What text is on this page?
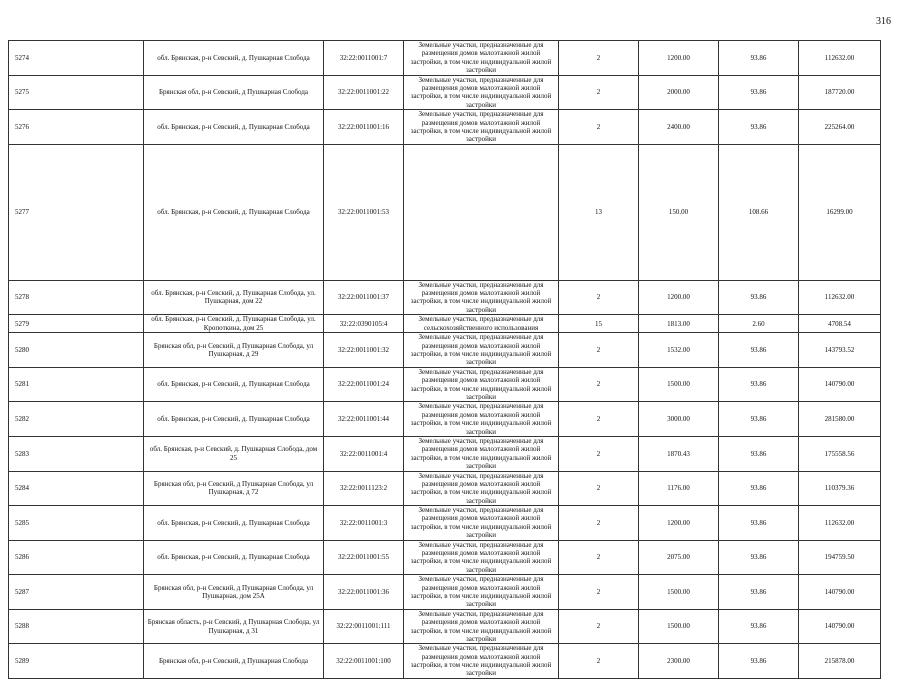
316
5274	обл. Брянская, р-н Севский, д. Пушкарная Слобода	32:22:0011001:7	Земельные участки, предназначенные для размещения домов малоэтажной жилой застройки, в том числе индивидуальной жилой застройки	2	1200.00	93.86	112632.00
5275	Брянская обл, р-н Севский, д Пушкарная Слобода	32:22:0011001:22	Земельные участки, предназначенные для размещения домов малоэтажной жилой застройки, в том числе индивидуальной жилой застройки	2	2000.00	93.86	187720.00
5276	обл. Брянская, р-н Севский, д. Пушкарная Слобода	32:22:0011001:16	Земельные участки, предназначенные для размещения домов малоэтажной жилой застройки, в том числе индивидуальной жилой застройки	2	2400.00	93.86	225264.00
5277	обл. Брянская, р-н Севский, д. Пушкарная Слобода	32:22:0011001:53		13	150.00	108.66	16299.00
5278	обл. Брянская, р-н Севский, д. Пушкарная Слобода, ул. Пушкарная, дом 22	32:22:0011001:37	Земельные участки, предназначенные для размещения домов малоэтажной жилой застройки, в том числе индивидуальной жилой застройки	2	1200.00	93.86	112632.00
5279	обл. Брянская, р-н Севский, д. Пушкарная Слобода, ул. Кропоткина, дом 25	32:22:0390105:4	Земельные участки, предназначенные для сельскохозяйственного использования	15	1813.00	2.60	4708.54
5280	Брянская обл, р-н Севский, д Пушкарная Слобода, ул Пушкарная, д 29	32:22:0011001:32	Земельные участки, предназначенные для размещения домов малоэтажной жилой застройки, в том числе индивидуальной жилой застройки	2	1532.00	93.86	143793.52
5281	обл. Брянская, р-н Севский, д. Пушкарная Слобода	32:22:0011001:24	Земельные участки, предназначенные для размещения домов малоэтажной жилой застройки, в том числе индивидуальной жилой застройки	2	1500.00	93.86	140790.00
5282	обл. Брянская, р-н Севский, д. Пушкарная Слобода	32:22:0011001:44	Земельные участки, предназначенные для размещения домов малоэтажной жилой застройки, в том числе индивидуальной жилой застройки	2	3000.00	93.86	281580.00
5283	обл. Брянская, р-н Севский, д. Пушкарная Слобода, дом 25	32:22:0011001:4	Земельные участки, предназначенные для размещения домов малоэтажной жилой застройки, в том числе индивидуальной жилой застройки	2	1870.43	93.86	175558.56
5284	Брянская обл, р-н Севский, д Пушкарная Слобода, ул Пушкарная, д 72	32:22:0011123:2	Земельные участки, предназначенные для размещения домов малоэтажной жилой застройки, в том числе индивидуальной жилой застройки	2	1176.00	93.86	110379.36
5285	обл. Брянская, р-н Севский, д. Пушкарная Слобода	32:22:0011001:3	Земельные участки, предназначенные для размещения домов малоэтажной жилой застройки, в том числе индивидуальной жилой застройки	2	1200.00	93.86	112632.00
5286	обл. Брянская, р-н Севский, д. Пушкарная Слобода	32:22:0011001:55	Земельные участки, предназначенные для размещения домов малоэтажной жилой застройки, в том числе индивидуальной жилой застройки	2	2075.00	93.86	194759.50
5287	Брянская обл, р-н Севский, д Пушкарная Слобода, ул Пушкарная, дом 25А	32:22:0011001:36	Земельные участки, предназначенные для размещения домов малоэтажной жилой застройки, в том числе индивидуальной жилой застройки	2	1500.00	93.86	140790.00
5288	Брянская область, р-н Севский, д Пушкарная Слобода, ул Пушкарная, д 31	32:22:0011001:111	Земельные участки, предназначенные для размещения домов малоэтажной жилой застройки, в том числе индивидуальной жилой застройки	2	1500.00	93.86	140790.00
5289	Брянская обл, р-н Севский, д Пушкарная Слобода	32:22:0011001:100	Земельные участки, предназначенные для размещения домов малоэтажной жилой застройки, в том числе индивидуальной жилой застройки	2	2300.00	93.86	215878.00
